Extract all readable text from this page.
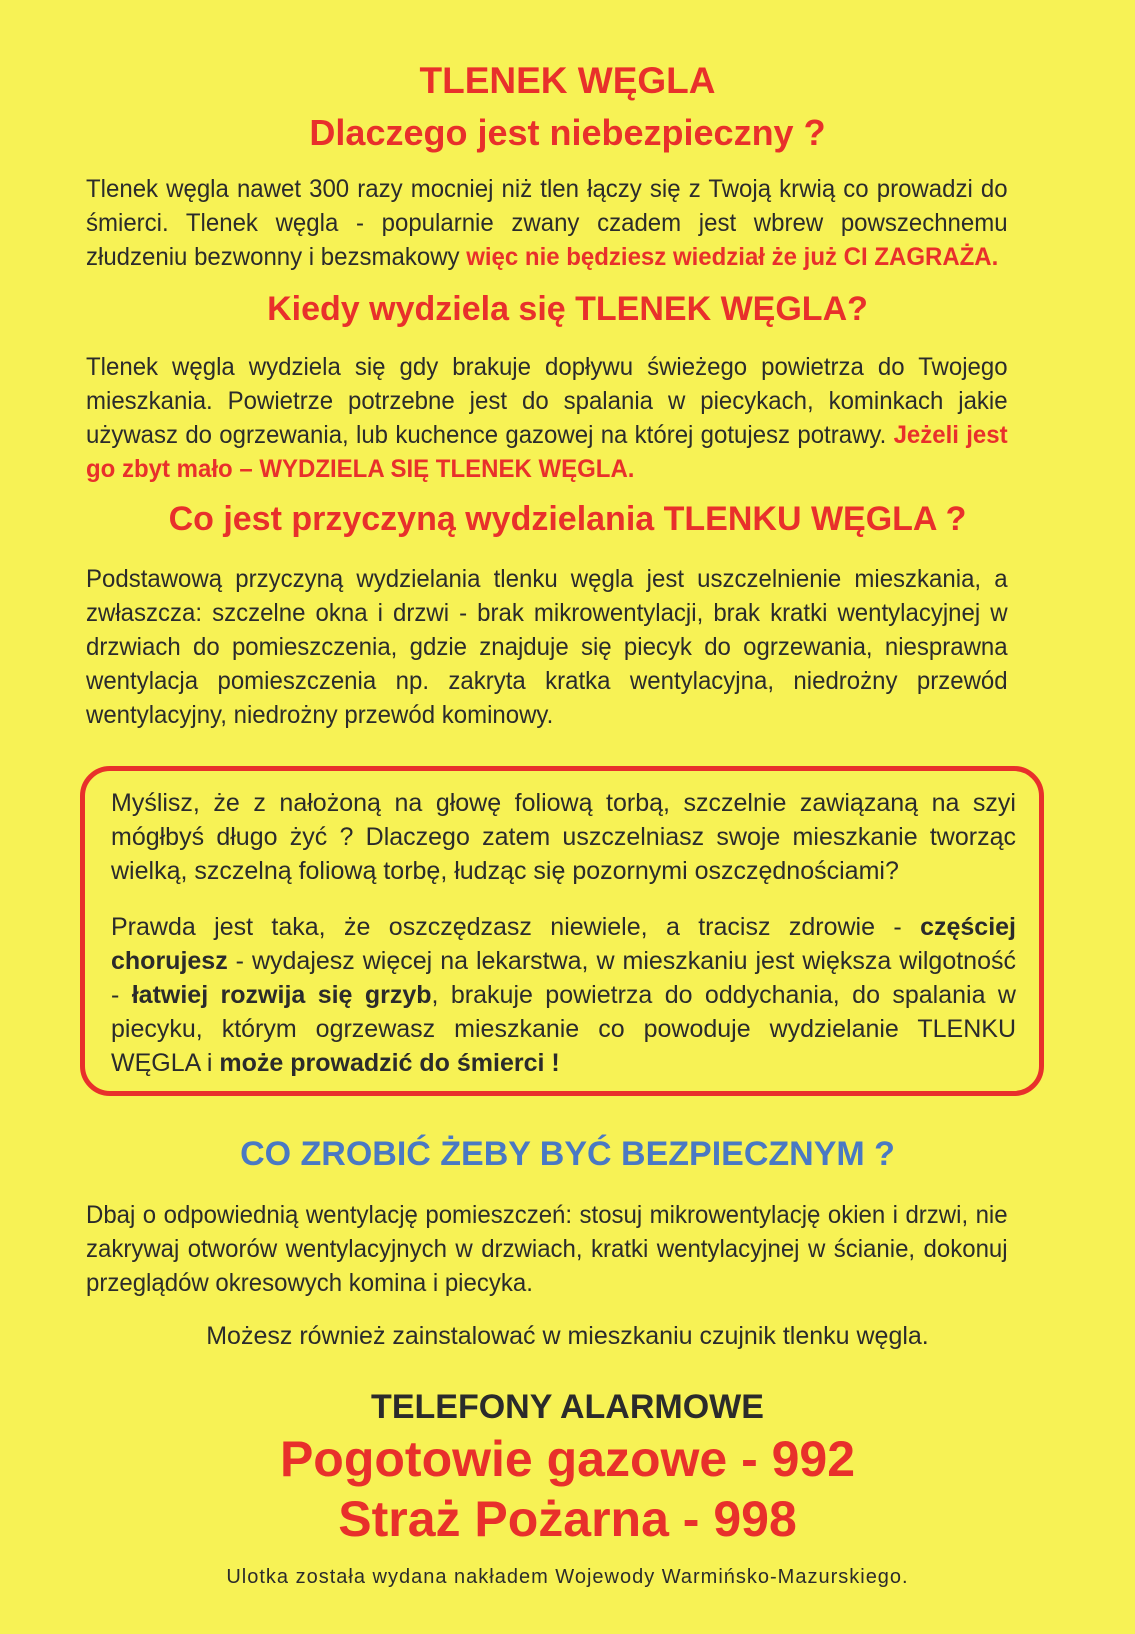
TLENEK WĘGLA
Dlaczego jest niebezpieczny ?

Tlenek węgla nawet 300 razy mocniej niż tlen łączy się z Twoją krwią co prowadzi do śmierci. Tlenek węgla - popularnie zwany czadem jest wbrew powszechnemu złudzeniu bezwonny i bezsmakowy więc nie będziesz wiedział że już CI ZAGRAŻA.

Kiedy wydziela się TLENEK WĘGLA?

Tlenek węgla wydziela się gdy brakuje dopływu świeżego powietrza do Twojego mieszkania. Powietrze potrzebne jest do spalania w piecykach, kominkach jakie używasz do ogrzewania, lub kuchence gazowej na której gotujesz potrawy. Jeżeli jest go zbyt mało – WYDZIELA SIĘ TLENEK WĘGLA.

Co jest przyczyną wydzielania TLENKU WĘGLA ?

Podstawową przyczyną wydzielania tlenku węgla jest uszczelnienie mieszkania, a zwłaszcza: szczelne okna i drzwi - brak mikrowentylacji, brak kratki wentylacyjnej w drzwiach do pomieszczenia, gdzie znajduje się piecyk do ogrzewania, niesprawna wentylacja pomieszczenia np. zakryta kratka wentylacyjna, niedrożny przewód wentylacyjny, niedrożny przewód kominowy.

Myślisz, że z nałożoną na głowę foliową torbą, szczelnie zawiązaną na szyi mógłbyś długo żyć ? Dlaczego zatem uszczelniasz swoje mieszkanie tworząc wielką, szczelną foliową torbę, łudząc się pozornymi oszczędnościami?

Prawda jest taka, że oszczędzasz niewiele, a tracisz zdrowie - częściej chorujesz - wydajesz więcej na lekarstwa, w mieszkaniu jest większa wilgotność - łatwiej rozwija się grzyb, brakuje powietrza do oddychania, do spalania w piecyku, którym ogrzewasz mieszkanie co powoduje wydzielanie TLENKU WĘGLA i może prowadzić do śmierci !

CO ZROBIĆ ŻEBY BYĆ BEZPIECZNYM ?

Dbaj o odpowiednią wentylację pomieszczeń: stosuj mikrowentylację okien i drzwi, nie zakrywaj otworów wentylacyjnych w drzwiach, kratki wentylacyjnej w ścianie, dokonuj przeglądów okresowych komina i piecyka.

Możesz również zainstalować w mieszkaniu czujnik tlenku węgla.

TELEFONY ALARMOWE

Pogotowie gazowe - 992

Straż Pożarna - 998

Ulotka została wydana nakładem Wojewody Warmińsko-Mazurskiego.
